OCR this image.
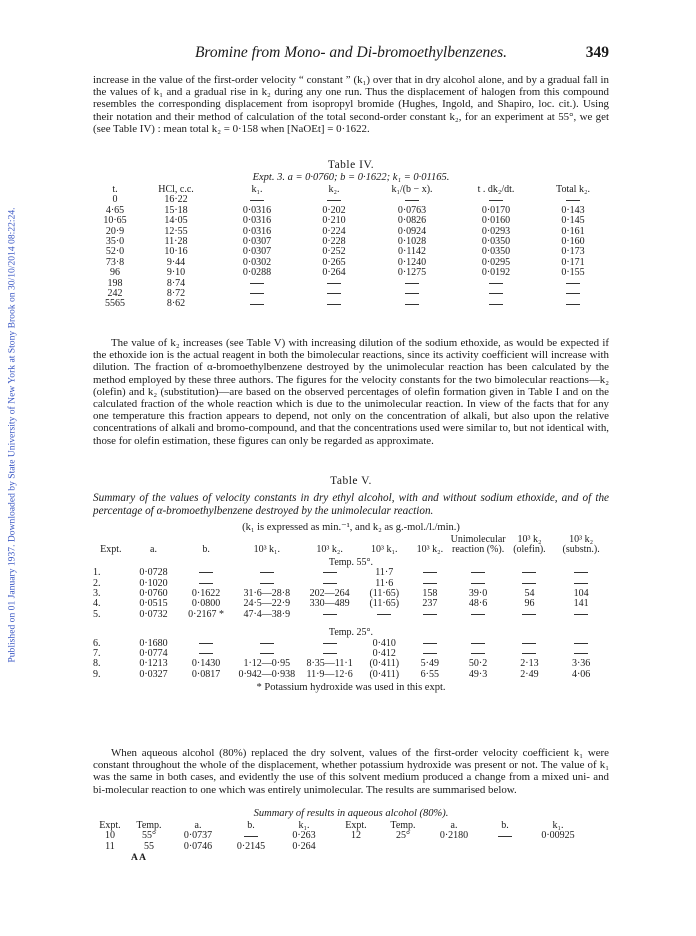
Published on 01 January 1937. Downloaded by State University of New York at Stony Brook on 30/10/2014 08:22:24.
Bromine from Mono- and Di-bromoethylbenzenes.	349

increase in the value of the first-order velocity “ constant ” (k₁) over that in dry alcohol alone, and by a gradual fall in the values of k₁ and a gradual rise in k₂ during any one run. Thus the displacement of halogen from this compound resembles the corresponding displacement from isopropyl bromide (Hughes, Ingold, and Shapiro, loc. cit.). Using their notation and their method of calculation of the total second-order constant k₂, for an experiment at 55°, we get (see Table IV) : mean total k₂ = 0·158 when [NaOEt] = 0·1622.

Table IV.
Expt. 3. a = 0·0760; b = 0·1622; k₁ = 0·01165.
t.	HCl, c.c.	k₁.	k₂.	k₁/(b − x).	t . dk₂/dt.	Total k₂.
0	16·22					
4·65	15·18	0·0316	0·202	0·0763	0·0170	0·143
10·65	14·05	0·0316	0·210	0·0826	0·0160	0·145
20·9	12·55	0·0316	0·224	0·0924	0·0293	0·161
35·0	11·28	0·0307	0·228	0·1028	0·0350	0·160
52·0	10·16	0·0307	0·252	0·1142	0·0350	0·173
73·8	9·44	0·0302	0·265	0·1240	0·0295	0·171
96	9·10	0·0288	0·264	0·1275	0·0192	0·155
198	8·74					
242	8·72					
5565	8·62					

The value of k₂ increases (see Table V) with increasing dilution of the sodium ethoxide, as would be expected if the ethoxide ion is the actual reagent in both the bimolecular reactions, since its activity coefficient will increase with dilution. The fraction of α-bromoethylbenzene destroyed by the unimolecular reaction has been calculated by the method employed by these three authors. The figures for the velocity constants for the two bimolecular reactions—k₂ (olefin) and k₂ (substitution)—are based on the observed percentages of olefin formation given in Table I and on the calculated fraction of the whole reaction which is due to the unimolecular reaction. In view of the facts that for any one temperature this fraction appears to depend, not only on the concentration of alkali, but also upon the relative concentrations of alkali and bromo-compound, and that the concentrations used were similar to, but not identical with, those for olefin estimation, these figures can only be regarded as approximate.

Table V.

Summary of the values of velocity constants in dry ethyl alcohol, with and without sodium ethoxide, and of the percentage of α-bromoethylbenzene destroyed by the unimolecular reaction.

(k₁ is expressed as min.⁻¹, and k₂ as g.-mol./l./min.)
Expt.	a.	b.	10³ k₁.	10³ k₂.	10³ k₁.	10³ k₂.	Unimolecular reaction (%).	10³ k₂ (olefin).	10³ k₂ (substn.).
Temp. 55°.									
1.	0·0728				11·7				
2.	0·1020				11·6				
3.	0·0760	0·1622	31·6—28·8	202—264	(11·65)	158	39·0	54	104
4.	0·0515	0·0800	24·5—22·9	330—489	(11·65)	237	48·6	96	141
5.	0·0732	0·2167 *	47·4—38·9						

Temp. 25°.									
6.	0·1680				0·410				
7.	0·0774				0·412				
8.	0·1213	0·1430	1·12—0·95	8·35—11·1	(0·411)	5·49	50·2	2·13	3·36
9.	0·0327	0·0817	0·942—0·938	11·9—12·6	(0·411)	6·55	49·3	2·49	4·06
* Potassium hydroxide was used in this expt.

When aqueous alcohol (80%) replaced the dry solvent, values of the first-order velocity coefficient k₁ were constant throughout the whole of the displacement, whether potassium hydroxide was present or not. The value of k₁ was the same in both cases, and evidently the use of this solvent medium produced a change from a mixed uni- and bi-molecular reaction to one which was entirely unimolecular. The results are summarised below.

Summary of results in aqueous alcohol (80%).
Expt.	Temp.	a.	b.	k₁.	Expt.	Temp.	a.	b.	k₁.
10	55°	0·0737		0·263	12	25°	0·2180		0·00925
11	55	0·0746	0·2145	0·264					
A A
